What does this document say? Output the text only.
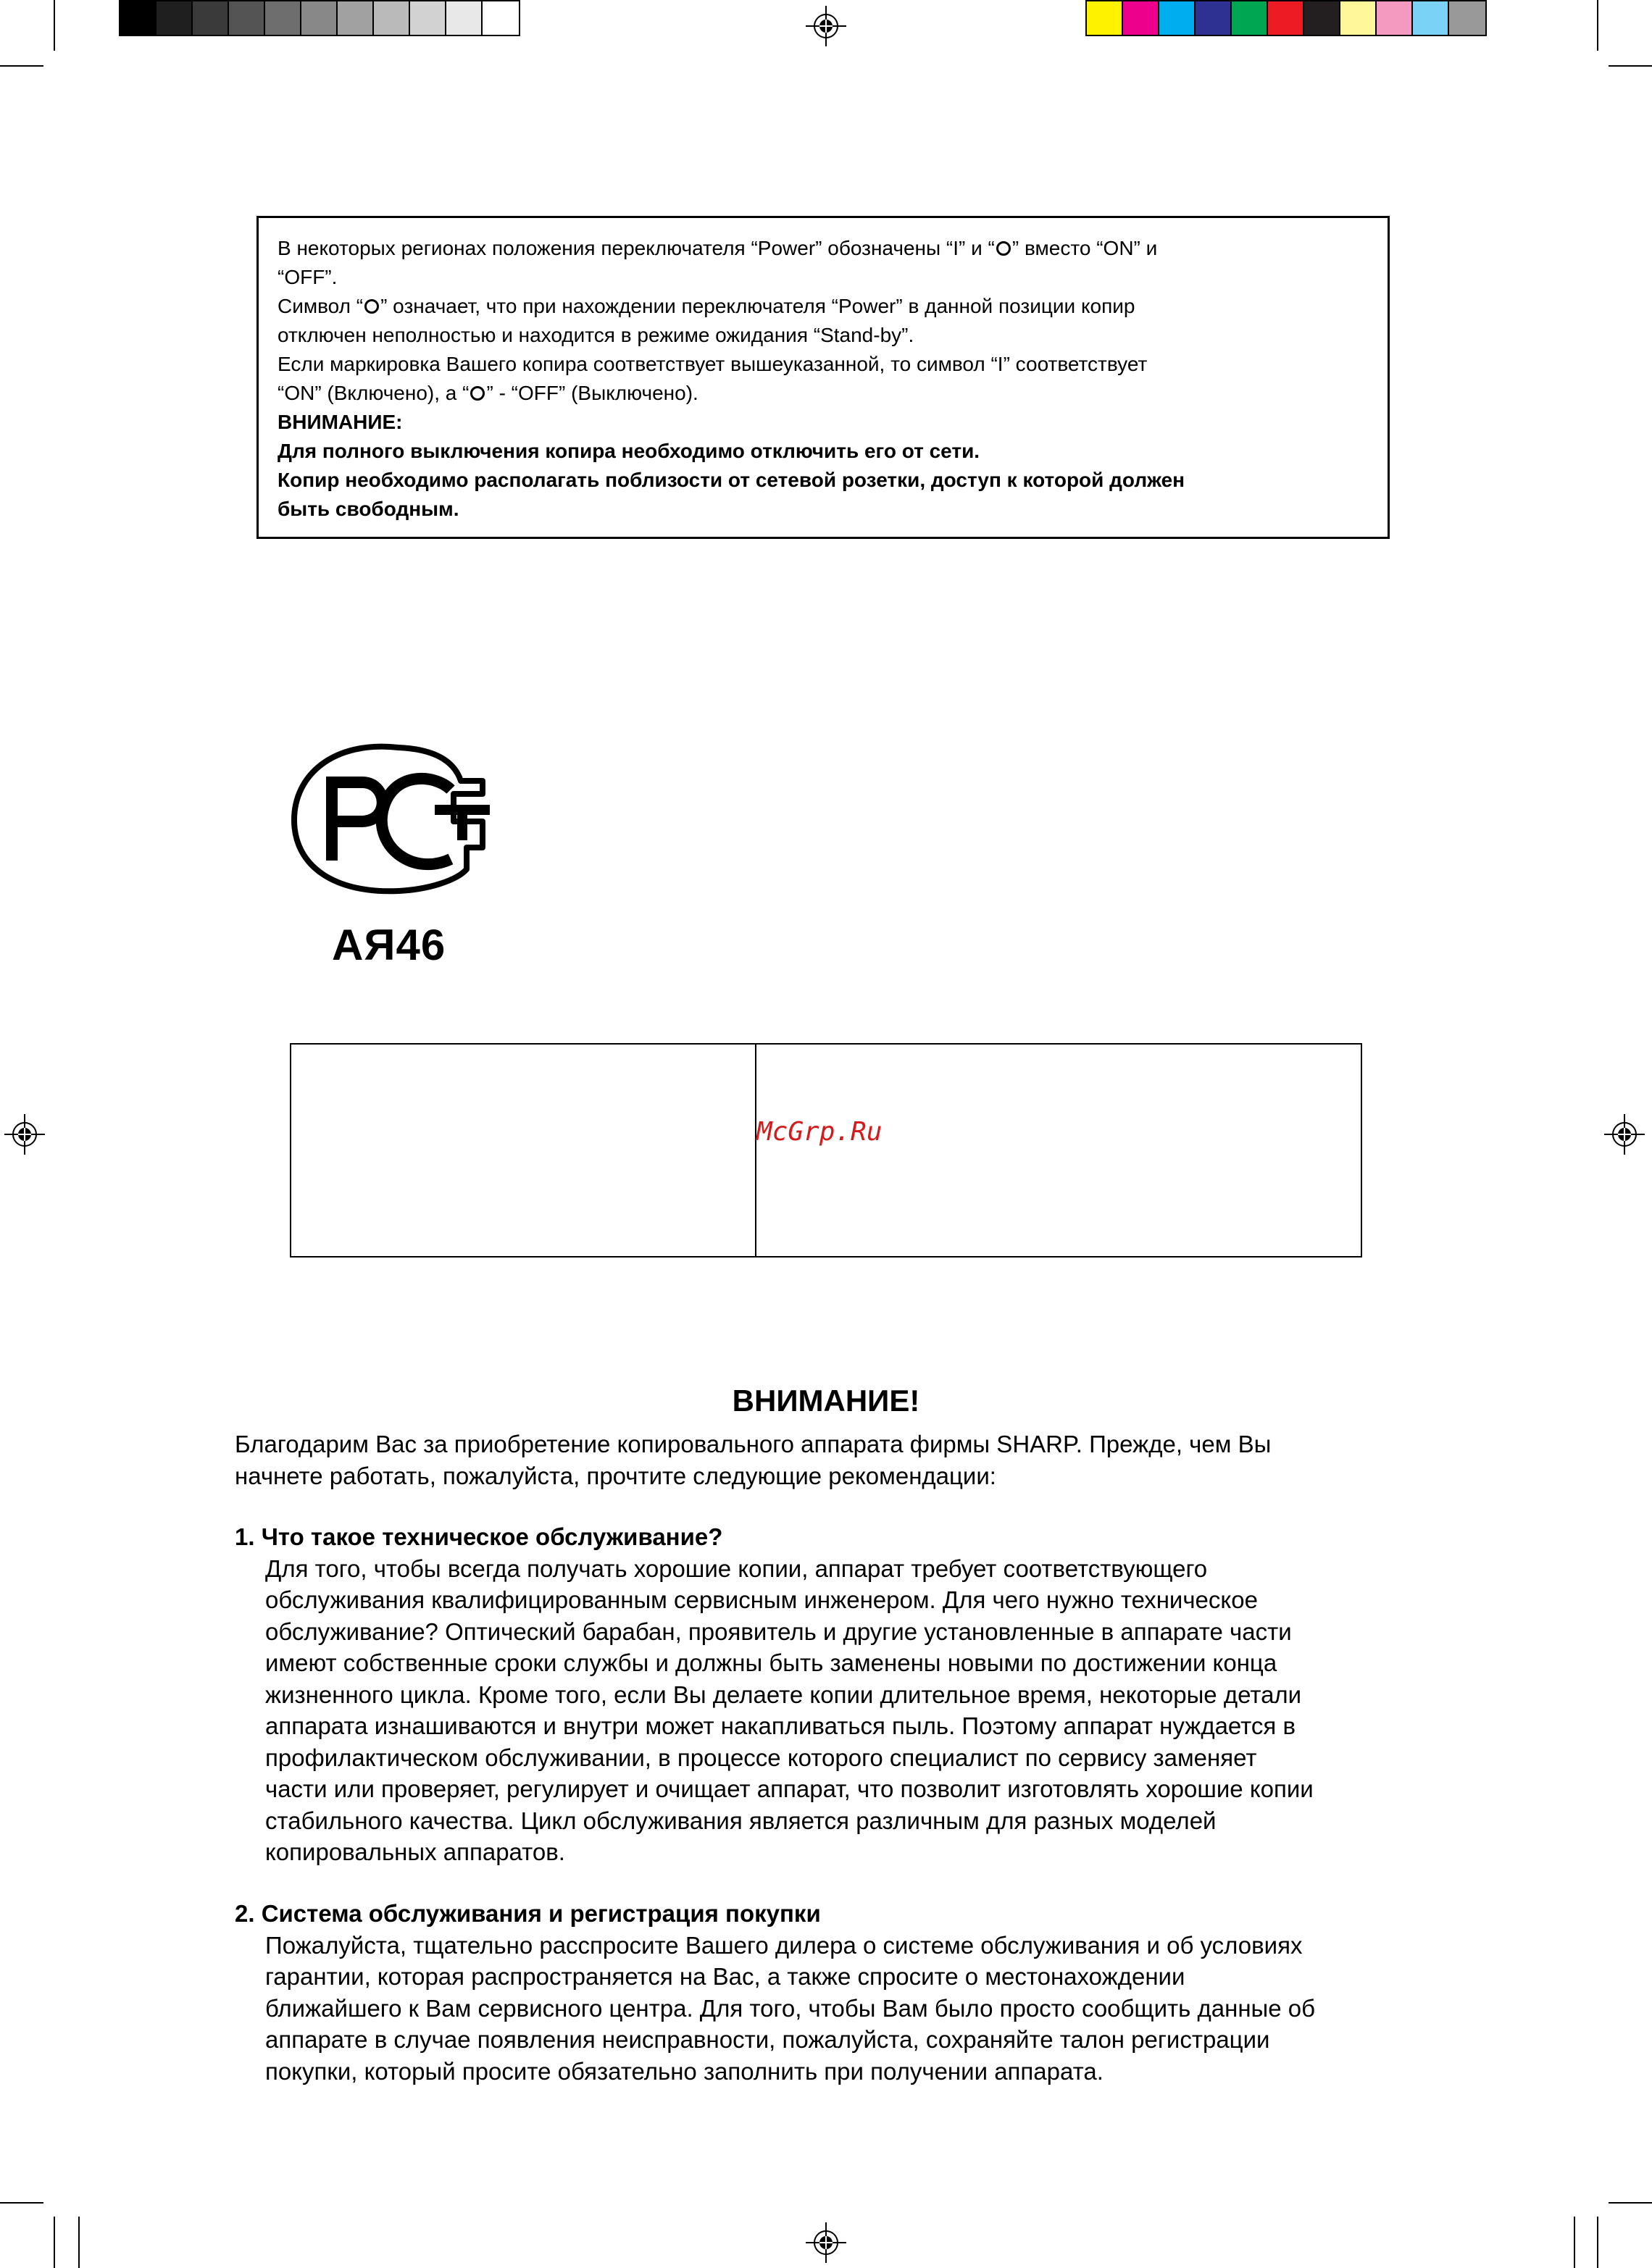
В некоторых регионах положения переключателя “Power” обозначены “I” и “ ” вместо “ON” и

“OFF”.

Символ “ ” означает, что при нахождении переключателя “Power” в данной позиции копир

отключен неполностью и находится в режиме ожидания “Stand-by”.

Если маркировка Вашего копира соответствует вышеуказанной, то символ “I” соответствует

“ON” (Включено), а “ ” - “OFF” (Выключено).

ВНИМАНИЕ:

Для полного выключения копира необходимо отключить его от сети.

Копир необходимо располагать поблизости от сетевой розетки, доступ к которой должен

быть свободным.

АЯ46
McGrp.Ru
ВНИМАНИЕ!

Благодарим Вас за приобретение копировального аппарата фирмы SHARP. Прежде, чем Вы

начнете работать, пожалуйста, прочтите следующие рекомендации:

1. Что такое техническое обслуживание?

Для того, чтобы всегда получать хорошие копии, аппарат требует соответствующего

обслуживания квалифицированным сервисным инженером. Для чего нужно техническое

обслуживание? Оптический барабан, проявитель и другие установленные в аппарате части

имеют собственные сроки службы и должны быть заменены новыми по достижении конца

жизненного цикла. Кроме того, если Вы делаете копии длительное время, некоторые детали

аппарата изнашиваются и внутри может накапливаться пыль. Поэтому аппарат нуждается в

профилактическом обслуживании, в процессе которого специалист по сервису заменяет

части или проверяет, регулирует и очищает аппарат, что позволит изготовлять хорошие копии

стабильного качества. Цикл обслуживания является различным для разных моделей

копировальных аппаратов.

2. Система обслуживания и регистрация покупки

Пожалуйста, тщательно расспросите Вашего дилера о системе обслуживания и об условиях

гарантии, которая распространяется на Вас, а также спросите о местонахождении

ближайшего к Вам сервисного центра. Для того, чтобы Вам было просто сообщить данные об

аппарате в случае появления неисправности, пожалуйста, сохраняйте талон регистрации

покупки, который просите обязательно заполнить при получении аппарата.
